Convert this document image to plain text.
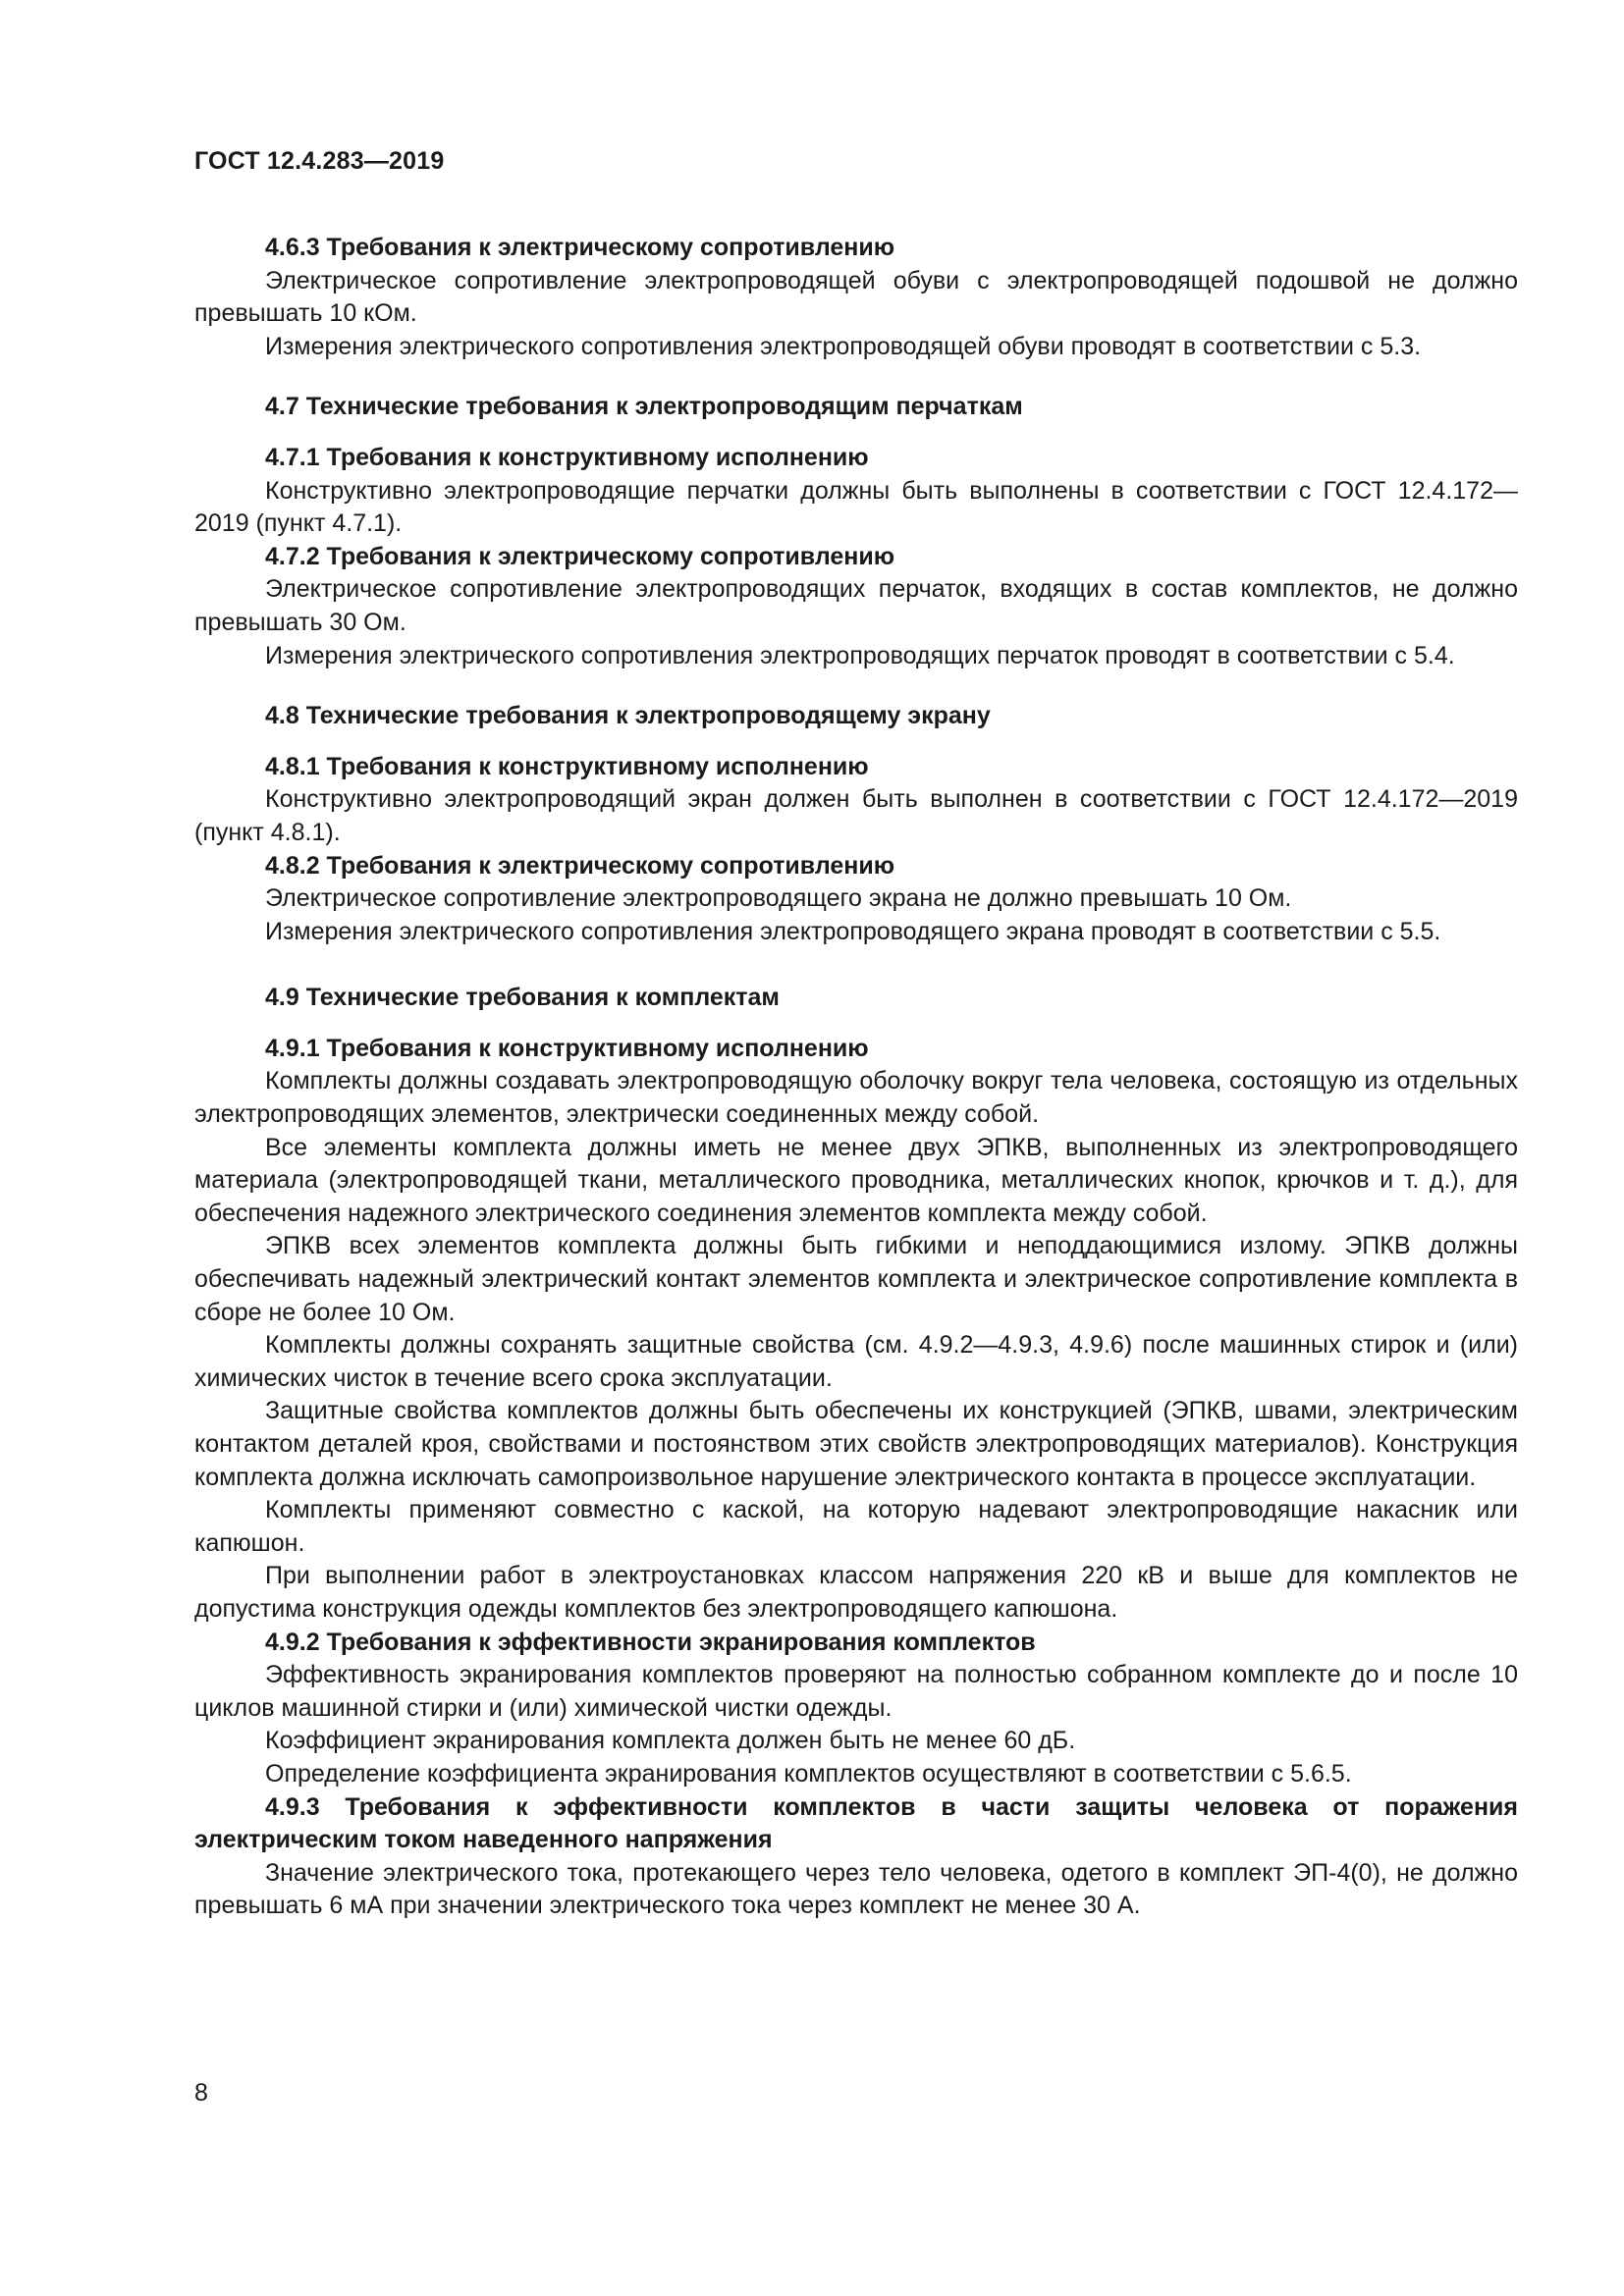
ГОСТ 12.4.283—2019

4.6.3 Требования к электрическому сопротивлению

Электрическое сопротивление электропроводящей обуви с электропроводящей подошвой не должно превышать 10 кОм.

Измерения электрического сопротивления электропроводящей обуви проводят в соответствии с 5.3.

4.7 Технические требования к электропроводящим перчаткам

4.7.1 Требования к конструктивному исполнению

Конструктивно электропроводящие перчатки должны быть выполнены в соответствии с ГОСТ 12.4.172—2019 (пункт 4.7.1).

4.7.2 Требования к электрическому сопротивлению

Электрическое сопротивление электропроводящих перчаток, входящих в состав комплектов, не должно превышать 30 Ом.

Измерения электрического сопротивления электропроводящих перчаток проводят в соответствии с 5.4.

4.8 Технические требования к электропроводящему экрану

4.8.1 Требования к конструктивному исполнению

Конструктивно электропроводящий экран должен быть выполнен в соответствии с ГОСТ 12.4.172—2019 (пункт 4.8.1).

4.8.2 Требования к электрическому сопротивлению

Электрическое сопротивление электропроводящего экрана не должно превышать 10 Ом.

Измерения электрического сопротивления электропроводящего экрана проводят в соответствии с 5.5.

4.9 Технические требования к комплектам

4.9.1 Требования к конструктивному исполнению

Комплекты должны создавать электропроводящую оболочку вокруг тела человека, состоящую из отдельных электропроводящих элементов, электрически соединенных между собой.

Все элементы комплекта должны иметь не менее двух ЭПКВ, выполненных из электропроводящего материала (электропроводящей ткани, металлического проводника, металлических кнопок, крючков и т. д.), для обеспечения надежного электрического соединения элементов комплекта между собой.

ЭПКВ всех элементов комплекта должны быть гибкими и неподдающимися излому. ЭПКВ должны обеспечивать надежный электрический контакт элементов комплекта и электрическое сопротивление комплекта в сборе не более 10 Ом.

Комплекты должны сохранять защитные свойства (см. 4.9.2—4.9.3, 4.9.6) после машинных стирок и (или) химических чисток в течение всего срока эксплуатации.

Защитные свойства комплектов должны быть обеспечены их конструкцией (ЭПКВ, швами, электрическим контактом деталей кроя, свойствами и постоянством этих свойств электропроводящих материалов). Конструкция комплекта должна исключать самопроизвольное нарушение электрического контакта в процессе эксплуатации.

Комплекты применяют совместно с каской, на которую надевают электропроводящие накасник или капюшон.

При выполнении работ в электроустановках классом напряжения 220 кВ и выше для комплектов не допустима конструкция одежды комплектов без электропроводящего капюшона.

4.9.2 Требования к эффективности экранирования комплектов

Эффективность экранирования комплектов проверяют на полностью собранном комплекте до и после 10 циклов машинной стирки и (или) химической чистки одежды.

Коэффициент экранирования комплекта должен быть не менее 60 дБ.

Определение коэффициента экранирования комплектов осуществляют в соответствии с 5.6.5.

4.9.3 Требования к эффективности комплектов в части защиты человека от поражения электрическим током наведенного напряжения

Значение электрического тока, протекающего через тело человека, одетого в комплект ЭП-4(0), не должно превышать 6 мА при значении электрического тока через комплект не менее 30 А.

8
